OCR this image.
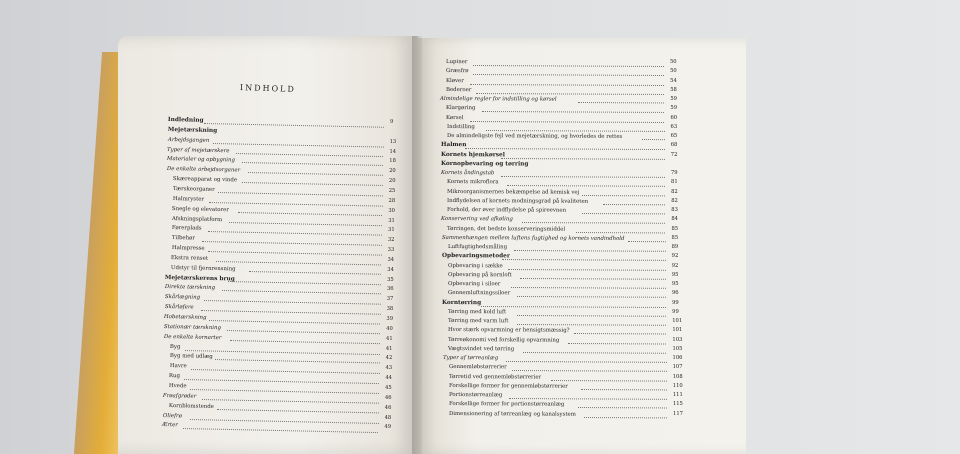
INDHOLD
Indledning	9
Mejetærskning
Arbejdsgangen	13
Typer af mejetærskere	14
Materialer og opbygning	18
De enkelte arbejdsorganer	20
Skæreapparat og vinde	20
Tærskeorganer	25
Halmryster	28
Snegle og elevatorer	30
Afskningsplatform	31
Førerplads	31
Tilbehør	32
Halmpresse	33
Ekstra renset	34
Udstyr til fjernrensning	34
Mejetærskerens brug	35
Direkte tærskning	36
Skårlægning	37
Skårløfere	38
Hobetærskning	39
Stationær tærskning	40
De enkelte kornarter	41
Byg	41
Byg med udlæg	42
Havre	43
Rug	44
Hvede	45
Frøafgrøder	46
Kornblomstende	46
Oliefrø	48
Ærter	49
Lupiner	50
Græsfrø	50
Kløver	54
Bederoer	58
Almindelige regler for indstilling og kørsel	59
Klargøring	59
Kørsel	60
Indstilling	63
De almindeligste fejl ved mejetærskning, og hvorledes de rettes	65
Halmen	68
Kornets hjemkørsel	72
Kornopbevaring og tørring
Kornets åndingstab	79
Kornets mikroflora	81
Mikroorganismernes bekæmpelse ad kemisk vej	82
Indflydelsen af kornets modningsgrad på kvaliteten	82
Forhold, der øver indflydelse på spireevnen	83
Konservering ved afkøling	84
Tørringen, det bedste konserveringsmiddel	85
Sammenhængen mellem luftens fugtighed og kornets vandindhold	85
Luftfugtighedsmåling	89
Opbevaringsmetoder	92
Opbevaring i sække	92
Opbevaring på kornloft	95
Opbevaring i siloer	95
Gennemluftningssiloer	96
Korntørring	99
Tørring med kold luft	99
Tørring med varm luft	101
Hvor stærk opvarmning er hensigtsmæssig?	101
Tørreøkonomi ved forskellig opvarmning	103
Vægtsvindet ved tørring	105
Typer af tørreanlæg	106
Gennemløbstørrerier	107
Tørretid ved gennemløbstørrerier	108
Forskellige former for gennemløbstørrerier	110
Portionstørreanlæg	111
Forskellige former for portionstørreanlæg	115
Dimensionering af tørreanlæg og kanalsystem	117
